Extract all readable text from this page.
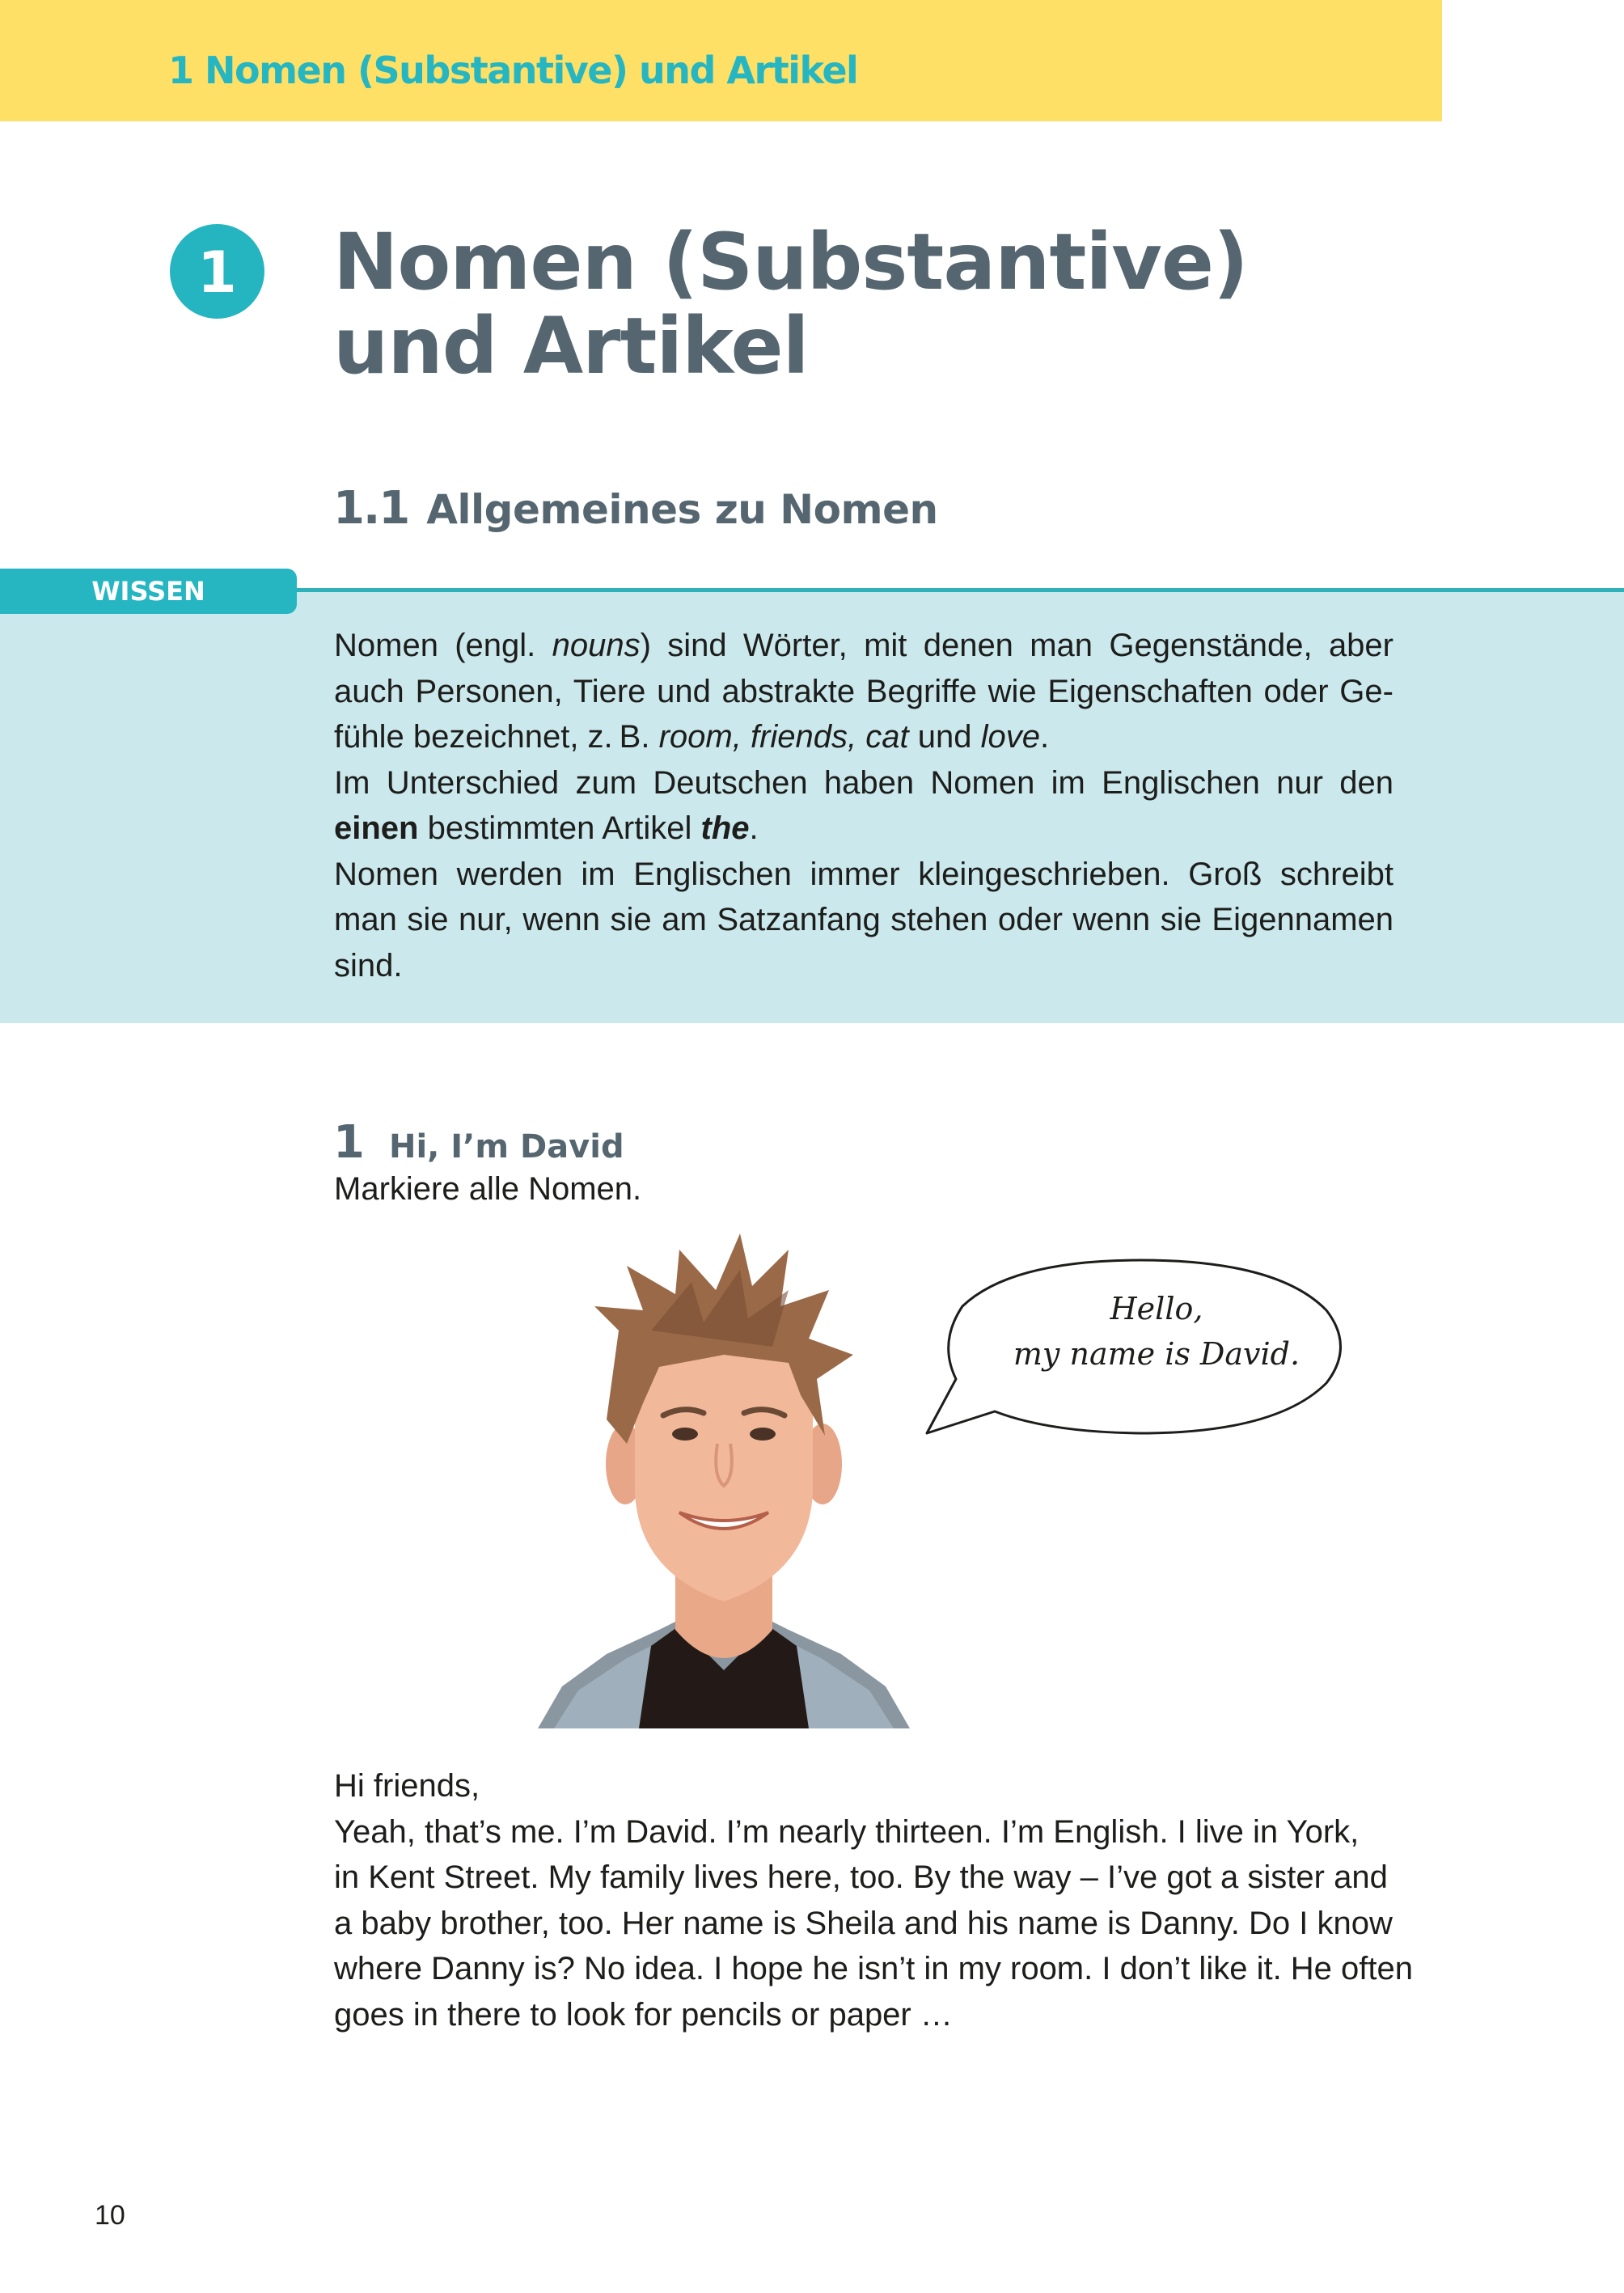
1 Nomen (Substantive) und Artikel
1 Nomen (Substantive)
und Artikel
1.1 Allgemeines zu Nomen
WISSEN

Nomen (engl. nouns) sind Wörter, mit denen man Gegenstände, aber auch Personen, Tiere und abstrakte Begriffe wie Eigenschaften oder Gefühle bezeichnet, z. B. room, friends, cat und love.

Im Unterschied zum Deutschen haben Nomen im Englischen nur den einen bestimmten Artikel the.

Nomen werden im Englischen immer kleingeschrieben. Groß schreibt man sie nur, wenn sie am Satzanfang stehen oder wenn sie Eigennamen sind.

1 Hi, I’m David
Markiere alle Nomen.
Hello,
my name is David.
Hi friends,
Yeah, that’s me. I’m David. I’m nearly thirteen. I’m English. I live in York,
in Kent Street. My family lives here, too. By the way – I’ve got a sister and
a baby brother, too. Her name is Sheila and his name is Danny. Do I know
where Danny is? No idea. I hope he isn’t in my room. I don’t like it. He often
goes in there to look for pencils or paper …
10
